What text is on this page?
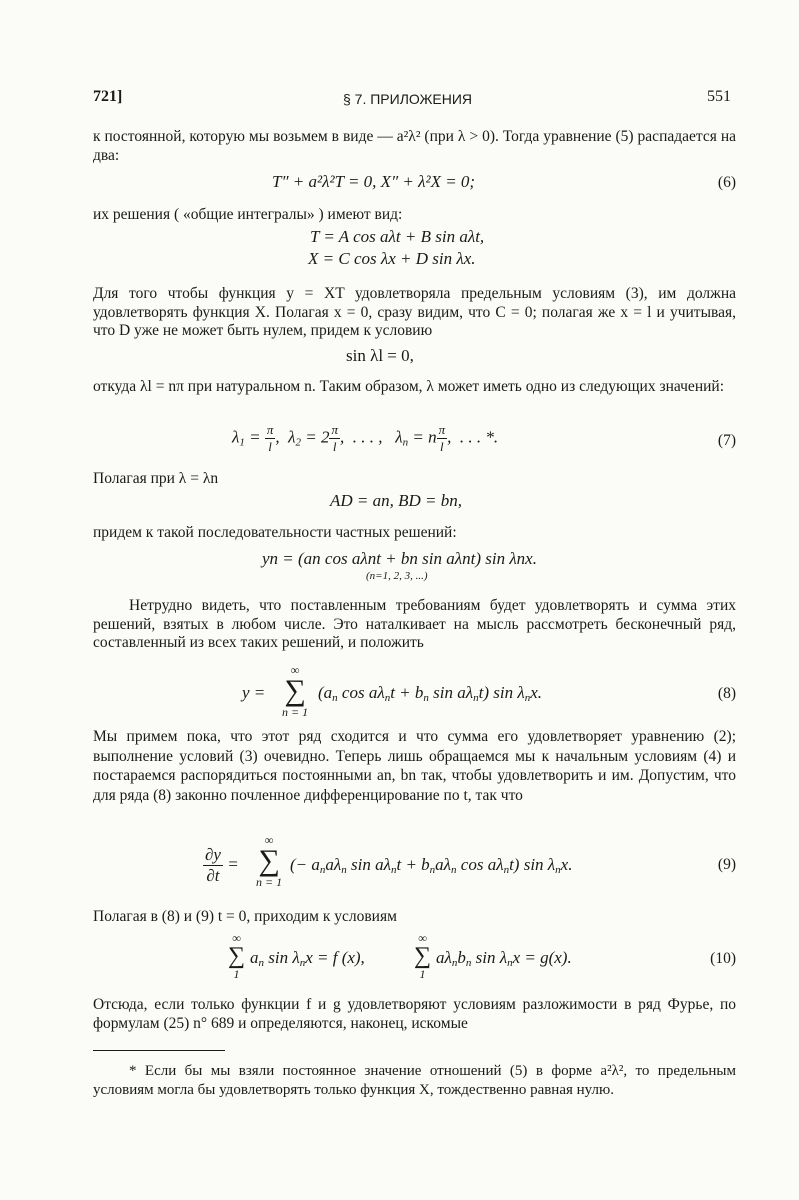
721]	§ 7. ПРИЛОЖЕНИЯ	551
к постоянной, которую мы возьмем в виде — a²λ² (при λ > 0). Тогда уравнение (5) распадается на два:
T″ + a²λ²T = 0, X″ + λ²X = 0;	(6)
их решения ( «общие интегралы» ) имеют вид:
T = A cos aλt + B sin aλt,
X = C cos λx + D sin λx.
Для того чтобы функция y = XT удовлетворяла предельным условиям (3), им должна удовлетворять функция X. Полагая x = 0, сразу видим, что C = 0; полагая же x = l и учитывая, что D уже не может быть нулем, придем к условию
sin λl = 0,
откуда λl = nπ при натуральном n. Таким образом, λ может иметь одно из следующих значений:
$\lambda_1 = \frac{\pi}{l}$ ,  $\lambda_2 = 2 \frac{\pi}{l}$ ,  . . . ,   $\lambda_n = n \frac{\pi}{l}$ ,  . . . *.	(7)
Полагая при λ = λn
AD = an, BD = bn,
придем к такой последовательности частных решений:
yn = (an cos aλnt + bn sin aλnt) sin λnx.
(n=1, 2, 3, ...)
Нетрудно видеть, что поставленным требованиям будет удовлетворять и сумма этих решений, взятых в любом числе. Это наталкивает на мысль рассмотреть бесконечный ряд, составленный из всех таких решений, и положить
∞
∑
n = 1
y =	($a_n$ $\cos a\lambda_nt + b_n$ $\sin a\lambda_nt$) $\sin \lambda_nx$.	(8)
Мы примем пока, что этот ряд сходится и что сумма его удовлетворяет уравнению (2); выполнение условий (3) очевидно. Теперь лишь обращаемся мы к начальным условиям (4) и постараемся распорядиться постоянными an, bn так, чтобы удовлетворить и им. Допустим, что для ряда (8) законно почленное дифференцирование по t, так что
$\frac{\partial y}{\partial t}$ =
∞
∑
n = 1
(− $a_na\lambda_n$ $\sin a\lambda_nt + b_na\lambda_n$ $\cos a\lambda_nt$) $\sin \lambda_nx$.	(9)
Полагая в (8) и (9) t = 0, приходим к условиям
∞
∑
1
$a_n$ $\sin \lambda_nx = f$ (x),
∞
∑
1
$a\lambda_nb_n$ $\sin \lambda_nx = g(x)$.	(10)
Отсюда, если только функции f и g удовлетворяют условиям разложимости в ряд Фурье, по формулам (25) n° 689 и определяются, наконец, искомые
* Если бы мы взяли постоянное значение отношений (5) в форме a²λ², то предельным условиям могла бы удовлетворять только функция X, тождественно равная нулю.
